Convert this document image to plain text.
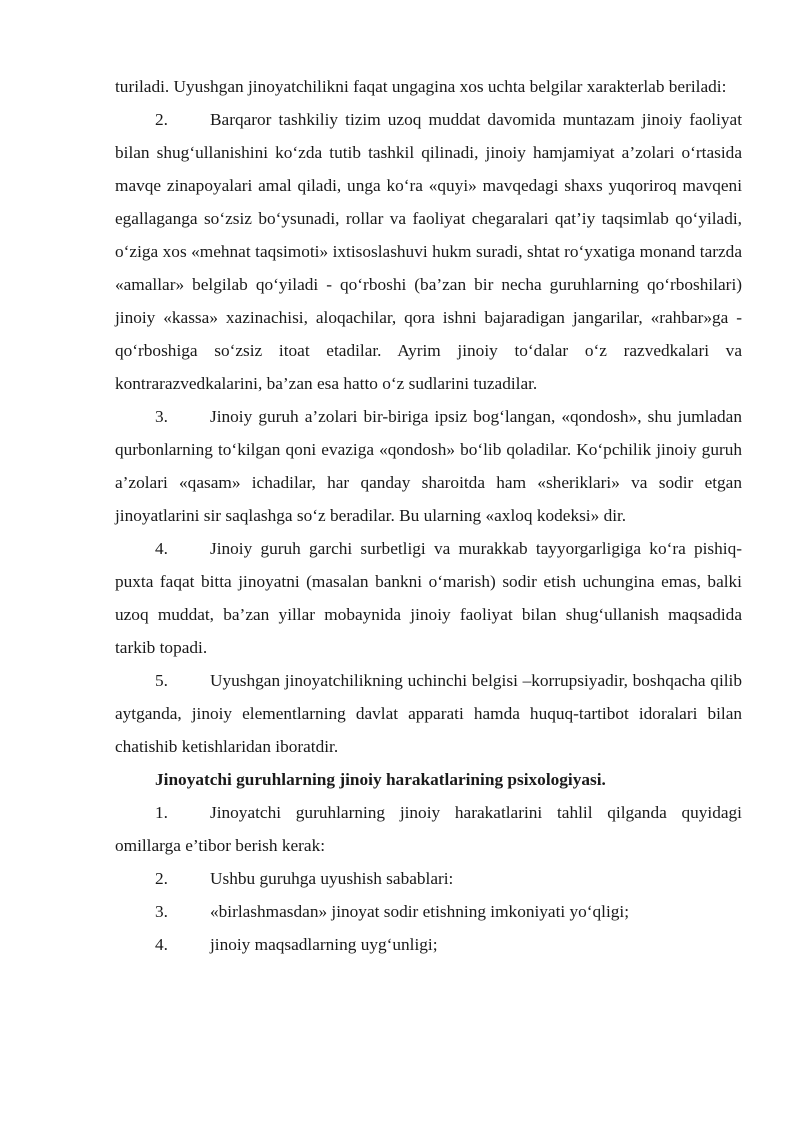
turiladi. Uyushgan jinoyatchilikni faqat ungagina xos uchta belgilar xarakterlab beriladi:

2. Barqaror tashkiliy tizim uzoq muddat davomida muntazam jinoiy faoliyat bilan shug‘ullanishini ko‘zda tutib tashkil qilinadi, jinoiy hamjamiyat a’zolari o‘rtasida mavqe zinapoyalari amal qiladi, unga ko‘ra «quyi» mavqedagi shaxs yuqoriroq mavqeni egallaganga so‘zsiz bo‘ysunadi, rollar va faoliyat chegaralari qat’iy taqsimlab qo‘yiladi, o‘ziga xos «mehnat taqsimoti» ixtisoslashuvi hukm suradi, shtat ro‘yxatiga monand tarzda «amallar» belgilab qo‘yiladi - qo‘rboshi (ba’zan bir necha guruhlarning qo‘rboshilari) jinoiy «kassa» xazinachisi, aloqachilar, qora ishni bajaradigan jangarilar, «rahbar»ga - qo‘rboshiga so‘zsiz itoat etadilar. Ayrim jinoiy to‘dalar o‘z razvedkalari va kontrarazvedkalarini, ba’zan esa hatto o‘z sudlarini tuzadilar.

3. Jinoiy guruh a’zolari bir-biriga ipsiz bog‘langan, «qondosh», shu jumladan qurbonlarning to‘kilgan qoni evaziga «qondosh» bo‘lib qoladilar. Ko‘pchilik jinoiy guruh a’zolari «qasam» ichadilar, har qanday sharoitda ham «sheriklari» va sodir etgan jinoyatlarini sir saqlashga so‘z beradilar. Bu ularning «axloq kodeksi» dir.

4. Jinoiy guruh garchi surbetligi va murakkab tayyorgarligiga ko‘ra pishiq-puxta faqat bitta jinoyatni (masalan bankni o‘marish) sodir etish uchungina emas, balki uzoq muddat, ba’zan yillar mobaynida jinoiy faoliyat bilan shug‘ullanish maqsadida tarkib topadi.

5. Uyushgan jinoyatchilikning uchinchi belgisi –korrupsiyadir, boshqacha qilib aytganda, jinoiy elementlarning davlat apparati hamda huquq-tartibot idoralari bilan chatishib ketishlaridan iboratdir.

Jinoyatchi guruhlarning jinoiy harakatlarining psixologiyasi.

1. Jinoyatchi guruhlarning jinoiy harakatlarini tahlil qilganda quyidagi omillarga e’tibor berish kerak:

2. Ushbu guruhga uyushish sabablari:

3. «birlashmasdan» jinoyat sodir etishning imkoniyati yo‘qligi;

4. jinoiy maqsadlarning uyg‘unligi;
